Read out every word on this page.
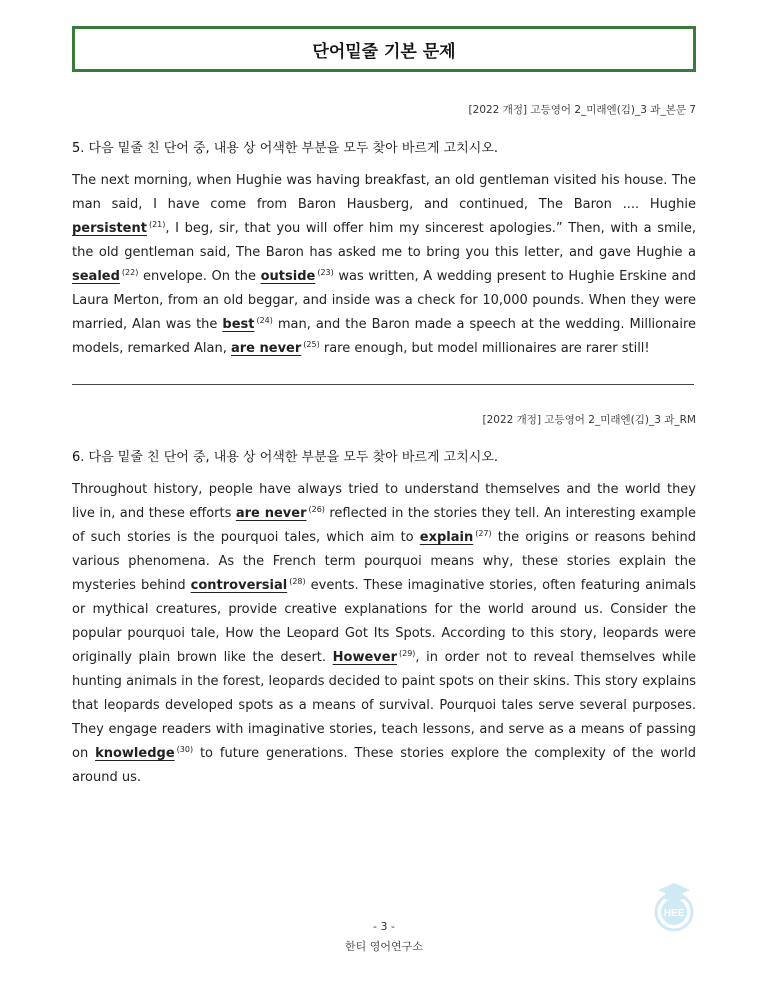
단어밑줄 기본 문제
[2022 개정] 고등영어 2_미래엔(김)_3 과_본문 7
5. 다음 밑줄 친 단어 중, 내용 상 어색한 부분을 모두 찾아 바르게 고치시오.
The next morning, when Hughie was having breakfast, an old gentleman visited his house. The man said, I have come from Baron Hausberg, and continued, The Baron .... Hughie persistent $^{(21)}$, I beg, sir, that you will offer him my sincerest apologies.” Then, with a smile, the old gentleman said, The Baron has asked me to bring you this letter, and gave Hughie a sealed $^{(22)}$ envelope. On the outside $^{(23)}$ was written, A wedding present to Hughie Erskine and Laura Merton, from an old beggar, and inside was a check for 10,000 pounds. When they were married, Alan was the best $^{(24)}$ man, and the Baron made a speech at the wedding. Millionaire models, remarked Alan, are never $^{(25)}$ rare enough, but model millionaires are rarer still!
[2022 개정] 고등영어 2_미래엔(김)_3 과_RM
6. 다음 밑줄 친 단어 중, 내용 상 어색한 부분을 모두 찾아 바르게 고치시오.
Throughout history, people have always tried to understand themselves and the world they live in, and these efforts are never $^{(26)}$ reflected in the stories they tell. An interesting example of such stories is the pourquoi tales, which aim to explain $^{(27)}$ the origins or reasons behind various phenomena. As the French term pourquoi means why, these stories explain the mysteries behind controversial $^{(28)}$ events. These imaginative stories, often featuring animals or mythical creatures, provide creative explanations for the world around us. Consider the popular pourquoi tale, How the Leopard Got Its Spots. According to this story, leopards were originally plain brown like the desert. However $^{(29)}$, in order not to reveal themselves while hunting animals in the forest, leopards decided to paint spots on their skins. This story explains that leopards developed spots as a means of survival. Pourquoi tales serve several purposes. They engage readers with imaginative stories, teach lessons, and serve as a means of passing on knowledge $^{(30)}$ to future generations. These stories explore the complexity of the world around us.
- 3 -
한티 영어연구소
HEE
